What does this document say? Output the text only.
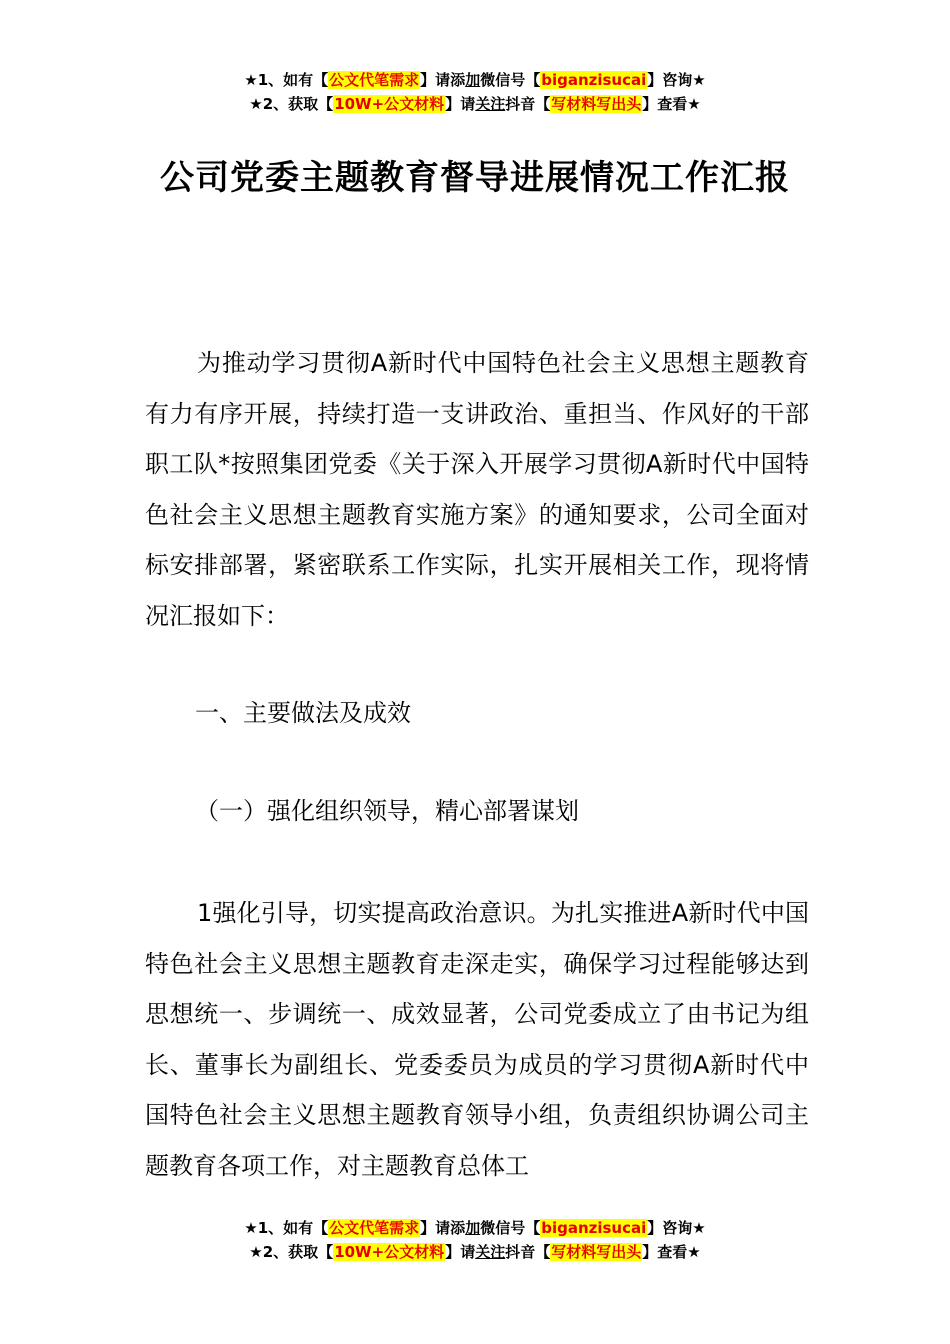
★1、如有【公文代笔需求】请添加微信号【biganzisucai】咨询★
★2、获取【10W+公文材料】请关注抖音【写材料写出头】查看★
公司党委主题教育督导进展情况工作汇报

为推动学习贯彻A新时代中国特色社会主义思想主题教育有力有序开展，持续打造一支讲政治、重担当、作风好的干部职工队*按照集团党委《关于深入开展学习贯彻A新时代中国特色社会主义思想主题教育实施方案》的通知要求，公司全面对标安排部署，紧密联系工作实际，扎实开展相关工作，现将情况汇报如下：

一、主要做法及成效

（一）强化组织领导，精心部署谋划

1强化引导，切实提高政治意识。为扎实推进A新时代中国特色社会主义思想主题教育走深走实，确保学习过程能够达到思想统一、步调统一、成效显著，公司党委成立了由书记为组长、董事长为副组长、党委委员为成员的学习贯彻A新时代中国特色社会主义思想主题教育领导小组，负责组织协调公司主题教育各项工作，对主题教育总体工

★1、如有【公文代笔需求】请添加微信号【biganzisucai】咨询★
★2、获取【10W+公文材料】请关注抖音【写材料写出头】查看★
